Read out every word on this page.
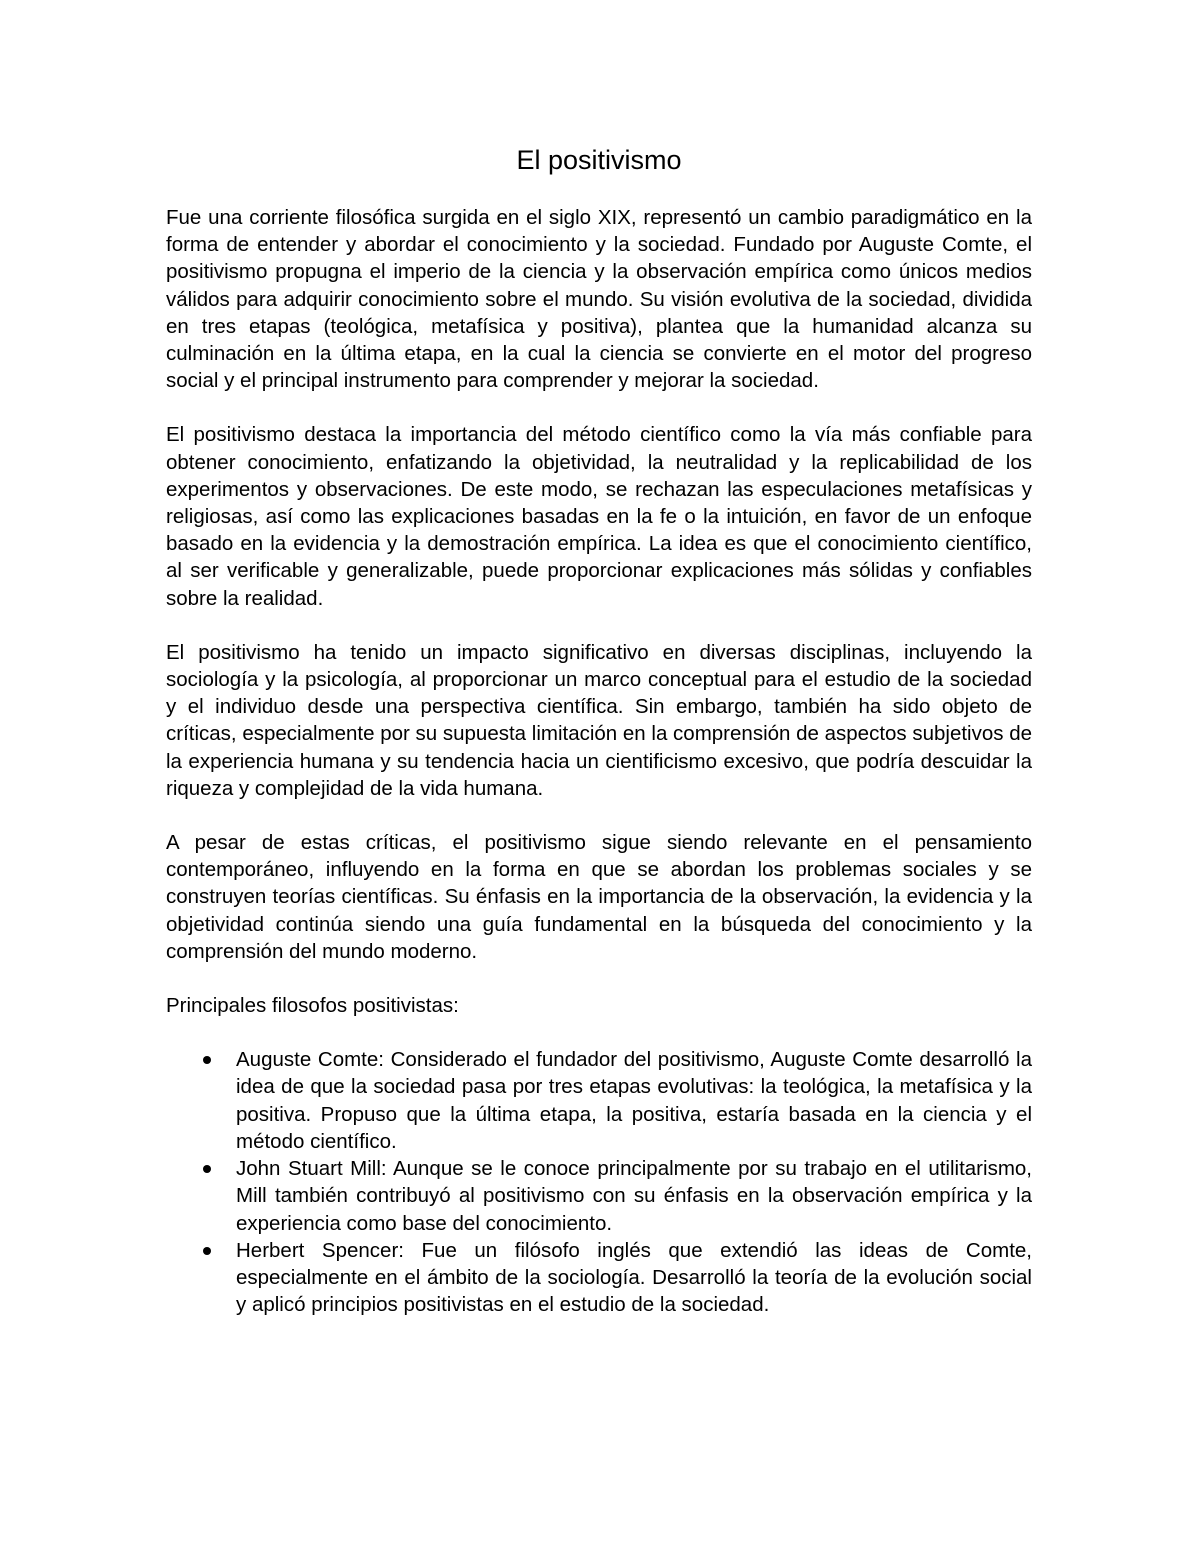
El positivismo

Fue una corriente filosófica surgida en el siglo XIX, representó un cambio paradigmático en la forma de entender y abordar el conocimiento y la sociedad. Fundado por Auguste Comte, el positivismo propugna el imperio de la ciencia y la observación empírica como únicos medios válidos para adquirir conocimiento sobre el mundo. Su visión evolutiva de la sociedad, dividida en tres etapas (teológica, metafísica y positiva), plantea que la humanidad alcanza su culminación en la última etapa, en la cual la ciencia se convierte en el motor del progreso social y el principal instrumento para comprender y mejorar la sociedad.

El positivismo destaca la importancia del método científico como la vía más confiable para obtener conocimiento, enfatizando la objetividad, la neutralidad y la replicabilidad de los experimentos y observaciones. De este modo, se rechazan las especulaciones metafísicas y religiosas, así como las explicaciones basadas en la fe o la intuición, en favor de un enfoque basado en la evidencia y la demostración empírica. La idea es que el conocimiento científico, al ser verificable y generalizable, puede proporcionar explicaciones más sólidas y confiables sobre la realidad.

El positivismo ha tenido un impacto significativo en diversas disciplinas, incluyendo la sociología y la psicología, al proporcionar un marco conceptual para el estudio de la sociedad y el individuo desde una perspectiva científica. Sin embargo, también ha sido objeto de críticas, especialmente por su supuesta limitación en la comprensión de aspectos subjetivos de la experiencia humana y su tendencia hacia un cientificismo excesivo, que podría descuidar la riqueza y complejidad de la vida humana.

A pesar de estas críticas, el positivismo sigue siendo relevante en el pensamiento contemporáneo, influyendo en la forma en que se abordan los problemas sociales y se construyen teorías científicas. Su énfasis en la importancia de la observación, la evidencia y la objetividad continúa siendo una guía fundamental en la búsqueda del conocimiento y la comprensión del mundo moderno.

Principales filosofos positivistas:

Auguste Comte: Considerado el fundador del positivismo, Auguste Comte desarrolló la idea de que la sociedad pasa por tres etapas evolutivas: la teológica, la metafísica y la positiva. Propuso que la última etapa, la positiva, estaría basada en la ciencia y el método científico.
John Stuart Mill: Aunque se le conoce principalmente por su trabajo en el utilitarismo, Mill también contribuyó al positivismo con su énfasis en la observación empírica y la experiencia como base del conocimiento.
Herbert Spencer: Fue un filósofo inglés que extendió las ideas de Comte, especialmente en el ámbito de la sociología. Desarrolló la teoría de la evolución social y aplicó principios positivistas en el estudio de la sociedad.
